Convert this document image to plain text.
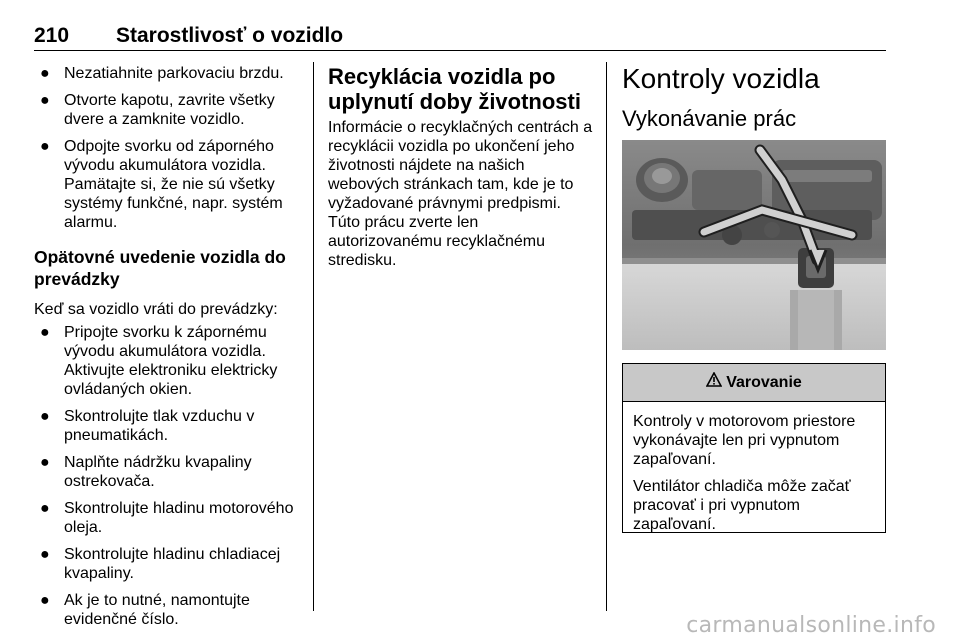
210 Starostlivosť o vozidlo
● Nezatiahnite parkovaciu brzdu.
● Otvorte kapotu, zavrite všetky dvere a zamknite vozidlo.
● Odpojte svorku od záporného vývodu akumulátora vozidla. Pamätajte si, že nie sú všetky systémy funkčné, napr. systém alarmu.
Opätovné uvedenie vozidla do prevádzky

Keď sa vozidlo vráti do prevádzky:

● Pripojte svorku k zápornému vývodu akumulátora vozidla. Aktivujte elektroniku elektricky ovládaných okien.
● Skontrolujte tlak vzduchu v pneumatikách.
● Naplňte nádržku kvapaliny ostrekovača.
● Skontrolujte hladinu motorového oleja.
● Skontrolujte hladinu chladiacej kvapaliny.
● Ak je to nutné, namontujte evidenčné číslo.
Recyklácia vozidla po uplynutí doby životnosti
Informácie o recyklačných centrách a recyklácii vozidla po ukončení jeho životnosti nájdete na našich webových stránkach tam, kde je to vyžadované právnymi predpismi. Túto prácu zverte len autorizovanému recyklačnému stredisku.
Kontroly vozidla
Vykonávanie prác
Varovanie

Kontroly v motorovom priestore vykonávajte len pri vypnutom zapaľovaní.

Ventilátor chladiča môže začať pracovať i pri vypnutom zapaľovaní.

carmanualsonline.info
